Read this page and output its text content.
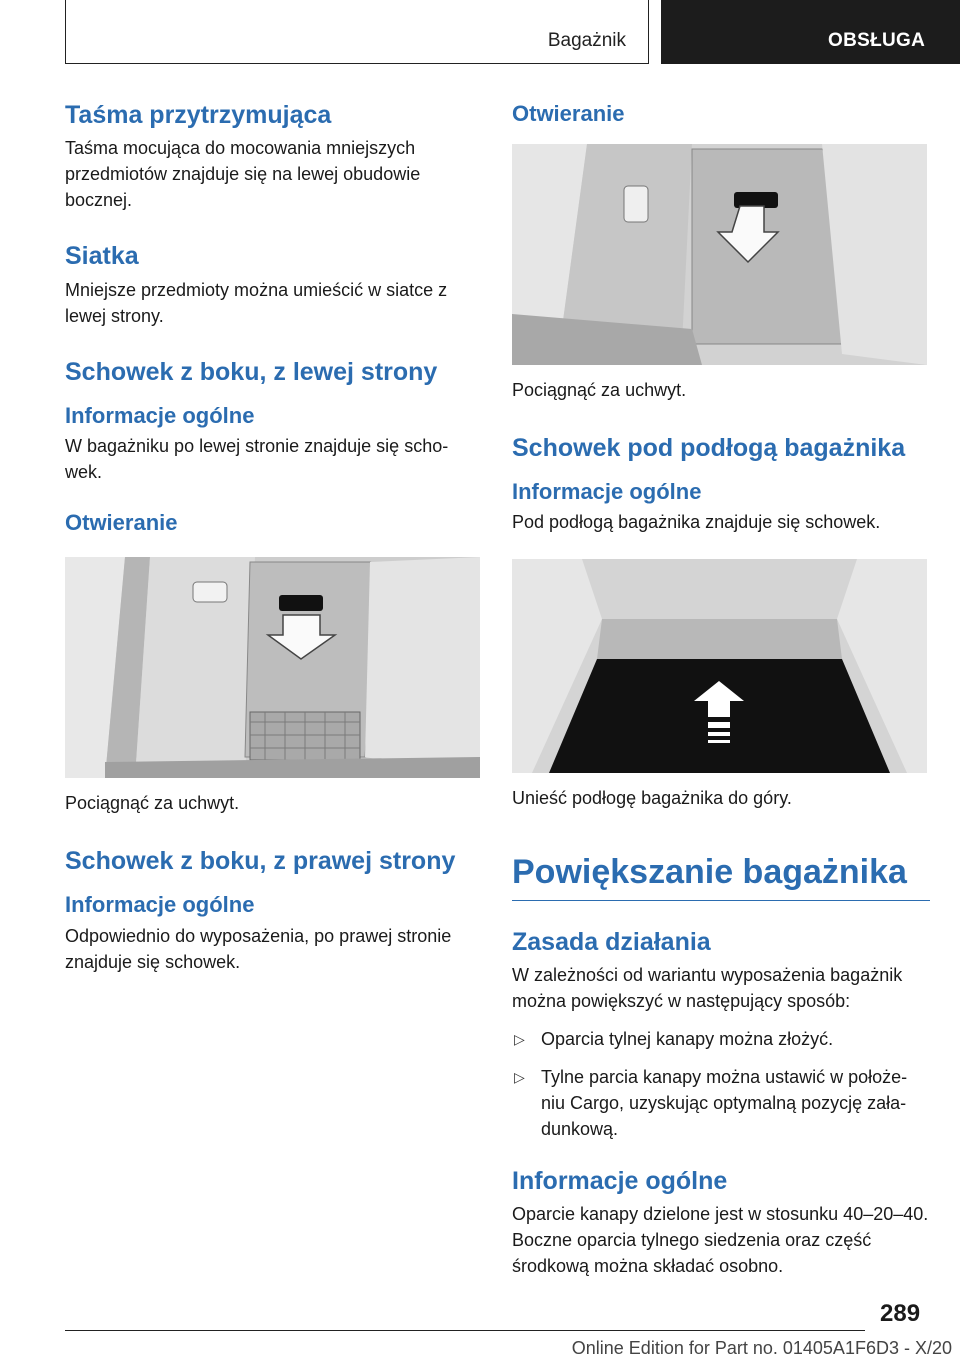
Bagażnik	OBSŁUGA
Taśma przytrzymująca

Taśma mocująca do mocowania mniejszych przedmiotów znajduje się na lewej obudowie bocznej.

Siatka

Mniejsze przedmioty można umieścić w siatce z lewej strony.

Schowek z boku, z lewej strony
Informacje ogólne

W bagażniku po lewej stronie znajduje się scho‐wek.

Otwieranie

Pociągnąć za uchwyt.

Schowek z boku, z prawej strony
Informacje ogólne

Odpowiednio do wyposażenia, po prawej stronie znajduje się schowek.

Otwieranie

Pociągnąć za uchwyt.

Schowek pod podłogą bagażnika
Informacje ogólne

Pod podłogą bagażnika znajduje się schowek.

Unieść podłogę bagażnika do góry.

Powiększanie bagażnika
Zasada działania

W zależności od wariantu wyposażenia bagażnik można powiększyć w następujący sposób:

▷ Oparcia tylnej kanapy można złożyć.
▷ Tylne parcia kanapy można ustawić w położe‐niu Cargo, uzyskując optymalną pozycję zała‐dunkową.
Informacje ogólne

Oparcie kanapy dzielone jest w stosunku 40–20–40. Boczne oparcia tylnego siedzenia oraz część środkową można składać osobno.

289
Online Edition for Part no. 01405A1F6D3 - X/20
